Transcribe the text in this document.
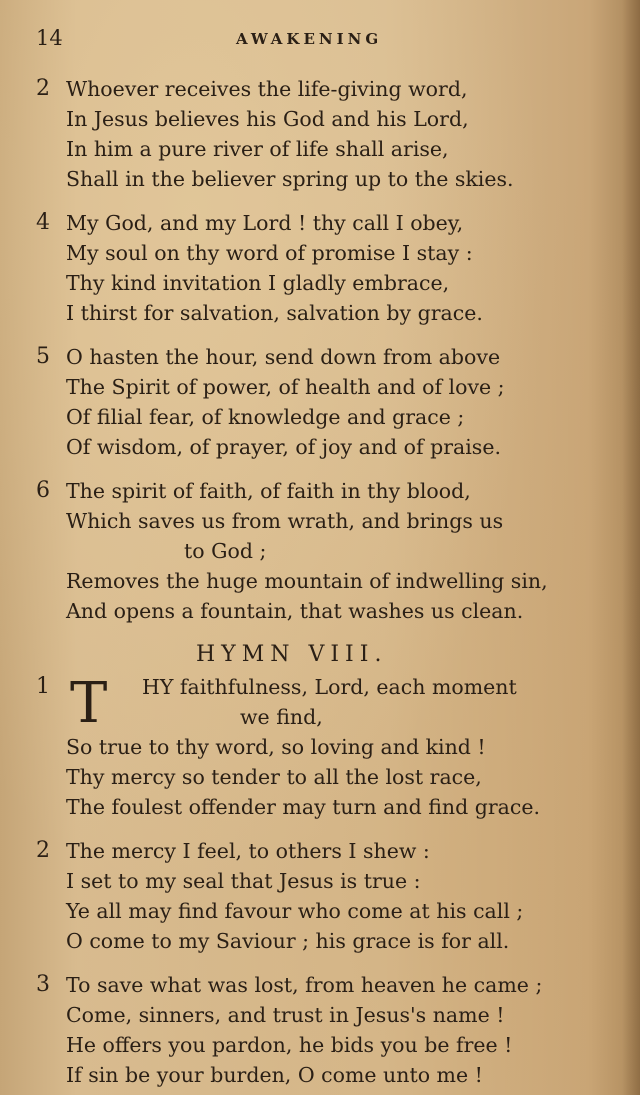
14	AWAKENING
2 Whoever receives the life-giving word,
In Jesus believes his God and his Lord,
In him a pure river of life shall arise,
Shall in the believer spring up to the skies.
4 My God, and my Lord ! thy call I obey,
My soul on thy word of promise I stay :
Thy kind invitation I gladly embrace,
I thirst for salvation, salvation by grace.
5 O hasten the hour, send down from above
The Spirit of power, of health and of love ;
Of filial fear, of knowledge and grace ;
Of wisdom, of prayer, of joy and of praise.
6 The spirit of faith, of faith in thy blood,
Which saves us from wrath, and brings us
to God ;
Removes the huge mountain of indwelling sin,
And opens a fountain, that washes us clean.
HYMN VIII.
1 T	HY faithfulness, Lord, each moment
we find,
So true to thy word, so loving and kind !
Thy mercy so tender to all the lost race,
The foulest offender may turn and find grace.
2 The mercy I feel, to others I shew :
I set to my seal that Jesus is true :
Ye all may find favour who come at his call ;
O come to my Saviour ; his grace is for all.
3 To save what was lost, from heaven he came ;
Come, sinners, and trust in Jesus's name !
He offers you pardon, he bids you be free !
If sin be your burden, O come unto me !
